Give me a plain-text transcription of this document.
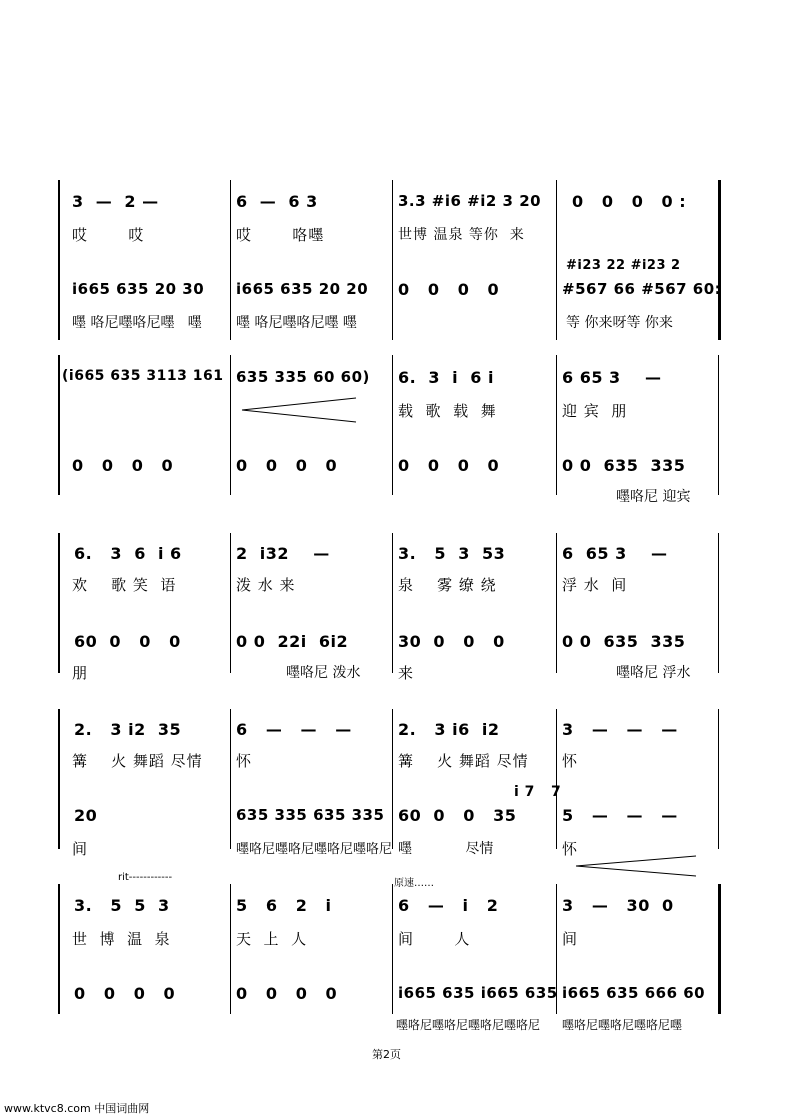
3  —  2 —	6  —  6 3	3.3 #i6 #i2 3 20 0   0   0   0 :
哎       哎	哎       咯嚜	世博 温泉 等你  来
#i23 22 #i23 2
i665 635 20 30 i665 635 20 20 0   0   0   0	#567 66 #567 60:
嚜 咯尼嚜咯尼嚜   嚜 嚜 咯尼嚜咯尼嚜 嚜	等 你来呀等 你来
(i665 635 3113 161 635 335 60 60) 6.  3  i  6 i	6 65 3    —
载  歌  载  舞	迎 宾  朋
0   0   0   0	0   0   0   0	0   0   0   0	0 0  635  335
嚜咯尼 迎宾
6.   3  6  i 6	2  i32    —	3.   5  3  53	6  65 3    —
欢    歌 笑  语	泼 水 来	泉    雾 缭 绕	浮 水  间
60  0   0   0	0 0  22i  6i2	30  0   0   0	0 0  635  335
朋	嚜咯尼 泼水	来	嚜咯尼 浮水
2.   3 i2  35	6   —   —   —	2.   3 i6  i2	3   —   —   —
篝    火 舞蹈 尽情 怀	篝    火 舞蹈 尽情 怀
i 7   7
20	635 335 635 335 60  0   0   35	5   —   —   —
间	嚜咯尼嚜咯尼嚜咯尼嚜咯尼 嚜            尽情	怀
rit------------
原速……
3.   5  5  3	5   6   2   i	6   —   i   2	3   —   30  0
世  博  温  泉	天  上  人	间       人	间
0   0   0   0	0   0   0   0	i665 635 i665 635 i665 635 666 60
嚜咯尼嚜咯尼嚜咯尼嚜咯尼 嚜咯尼嚜咯尼嚜咯尼嚜
第2页
www.ktvc8.com 中国词曲网
